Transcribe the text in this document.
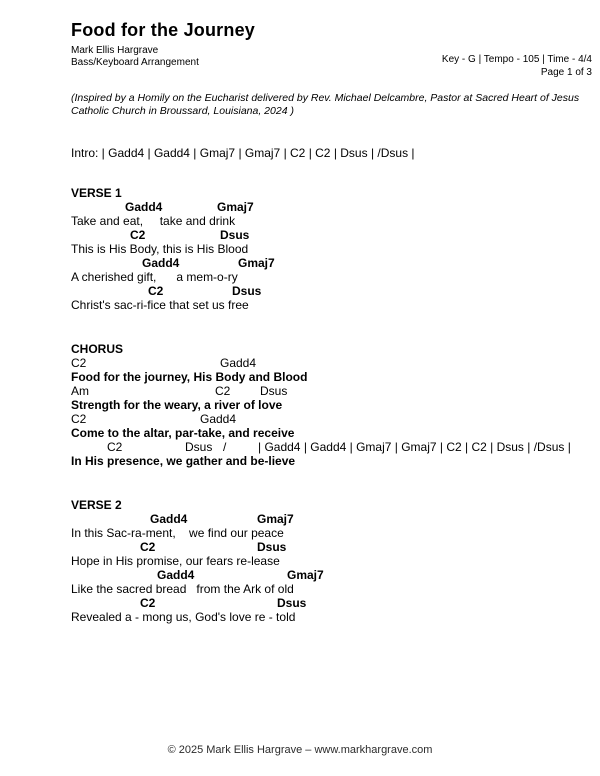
Food for the Journey
Mark Ellis Hargrave
Bass/Keyboard Arrangement	Key - G | Tempo - 105 | Time - 4/4
Page 1 of 3
(Inspired by a Homily on the Eucharist delivered by Rev. Michael Delcambre, Pastor at Sacred Heart of Jesus Catholic Church in Broussard, Louisiana, 2024 )
Intro: | Gadd4 | Gadd4 | Gmaj7 | Gmaj7 | C2 | C2 | Dsus | /Dsus |
VERSE 1
Gadd4	Gmaj7
Take and eat,     take and drink
C2	Dsus
This is His Body, this is His Blood
Gadd4	Gmaj7
A cherished gift,      a mem-o-ry
C2	Dsus
Christ's sac-ri-fice that set us free
CHORUS
C2	Gadd4
Food for the journey, His Body and Blood
Am	C2 Dsus
Strength for the weary, a river of love
C2	Gadd4
Come to the altar, par-take, and receive
C2	Dsus /	| Gadd4 | Gadd4 | Gmaj7 | Gmaj7 | C2 | C2 | Dsus | /Dsus |
In His presence, we gather and be-lieve
VERSE 2
Gadd4	Gmaj7
In this Sac-ra-ment,    we find our peace
C2	Dsus
Hope in His promise, our fears re-lease
Gadd4	Gmaj7
Like the sacred bread   from the Ark of old
C2	Dsus
Revealed a - mong us, God's love re - told
© 2025 Mark Ellis Hargrave – www.markhargrave.com
